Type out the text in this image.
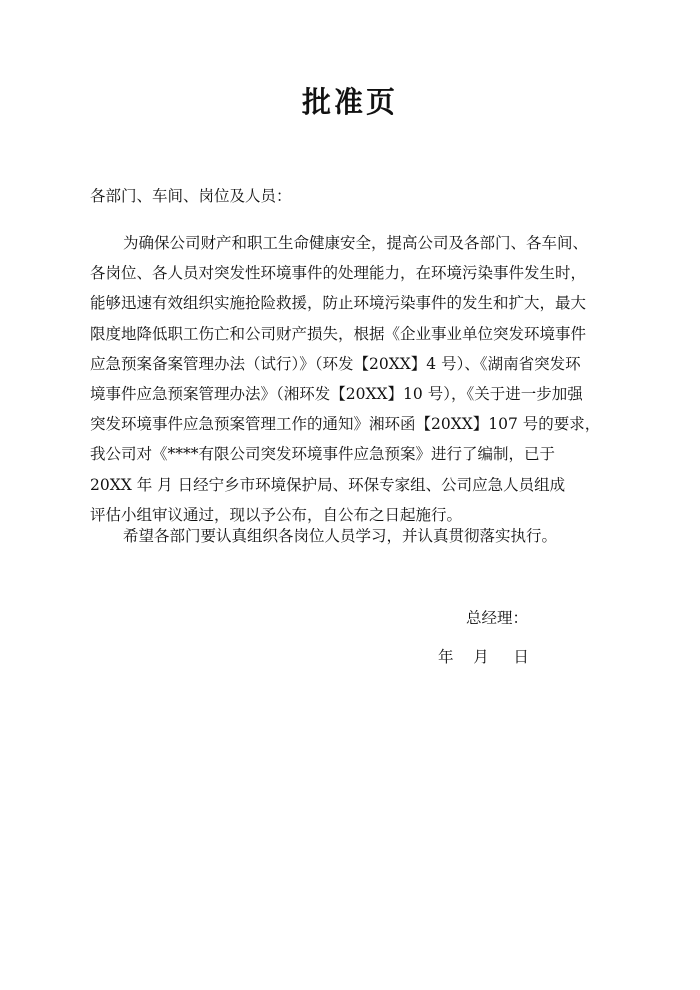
批准页
各部门、车间、岗位及人员：
为确保公司财产和职工生命健康安全，提高公司及各部门、各车间、
各岗位、各人员对突发性环境事件的处理能力，在环境污染事件发生时，
能够迅速有效组织实施抢险救援，防止环境污染事件的发生和扩大，最大
限度地降低职工伤亡和公司财产损失，根据《企业事业单位突发环境事件
应急预案备案管理办法（试行）》（环发【20XX】4 号）、《湖南省突发环
境事件应急预案管理办法》（湘环发【20XX】10 号），《关于进一步加强
突发环境事件应急预案管理工作的通知》湘环函【20XX】107 号的要求，
我公司对《****有限公司突发环境事件应急预案》进行了编制，已于
20XX 年 月 日经宁乡市环境保护局、环保专家组、公司应急人员组成
评估小组审议通过，现以予公布，自公布之日起施行。
希望各部门要认真组织各岗位人员学习，并认真贯彻落实执行。
总经理：
年    月     日
